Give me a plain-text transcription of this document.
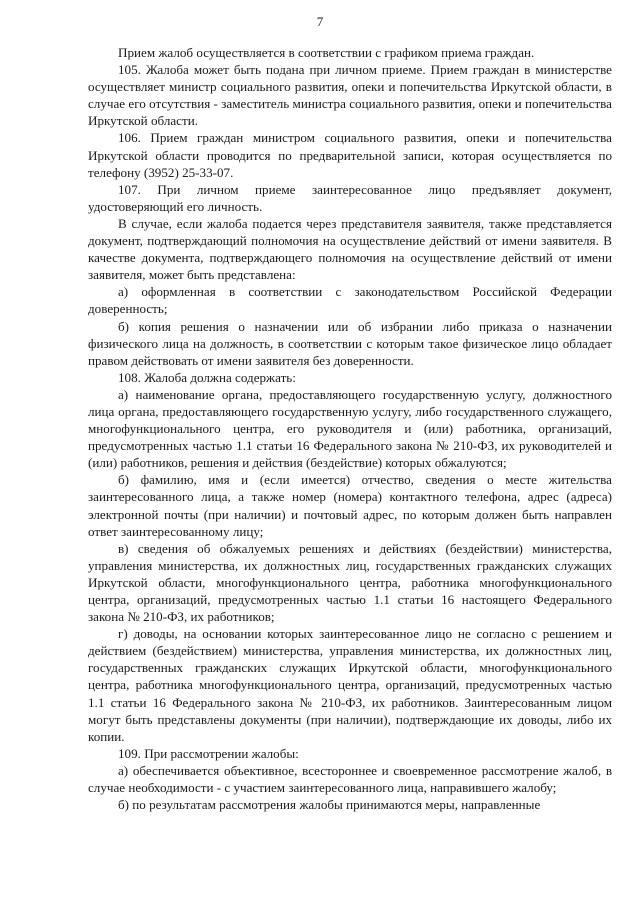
7

Прием жалоб осуществляется в соответствии с графиком приема граждан.

105. Жалоба может быть подана при личном приеме. Прием граждан в министерстве осуществляет министр социального развития, опеки и попечительства Иркутской области, в случае его отсутствия - заместитель министра социального развития, опеки и попечительства Иркутской области.

106. Прием граждан министром социального развития, опеки и попечительства Иркутской области проводится по предварительной записи, которая осуществляется по телефону (3952) 25-33-07.

107. При личном приеме заинтересованное лицо предъявляет документ, удостоверяющий его личность.

В случае, если жалоба подается через представителя заявителя, также представляется документ, подтверждающий полномочия на осуществление действий от имени заявителя. В качестве документа, подтверждающего полномочия на осуществление действий от имени заявителя, может быть представлена:

а) оформленная в соответствии с законодательством Российской Федерации доверенность;

б) копия решения о назначении или об избрании либо приказа о назначении физического лица на должность, в соответствии с которым такое физическое лицо обладает правом действовать от имени заявителя без доверенности.

108. Жалоба должна содержать:

а) наименование органа, предоставляющего государственную услугу, должностного лица органа, предоставляющего государственную услугу, либо государственного служащего, многофункционального центра, его руководителя и (или) работника, организаций, предусмотренных частью 1.1 статьи 16 Федерального закона № 210-ФЗ, их руководителей и (или) работников, решения и действия (бездействие) которых обжалуются;

б) фамилию, имя и (если имеется) отчество, сведения о месте жительства заинтересованного лица, а также номер (номера) контактного телефона, адрес (адреса) электронной почты (при наличии) и почтовый адрес, по которым должен быть направлен ответ заинтересованному лицу;

в) сведения об обжалуемых решениях и действиях (бездействии) министерства, управления министерства, их должностных лиц, государственных гражданских служащих Иркутской области, многофункционального центра, работника многофункционального центра, организаций, предусмотренных частью 1.1 статьи 16 настоящего Федерального закона № 210-ФЗ, их работников;

г) доводы, на основании которых заинтересованное лицо не согласно с решением и действием (бездействием) министерства, управления министерства, их должностных лиц, государственных гражданских служащих Иркутской области, многофункционального центра, работника многофункционального центра, организаций, предусмотренных частью 1.1 статьи 16 Федерального закона № 210-ФЗ, их работников. Заинтересованным лицом могут быть представлены документы (при наличии), подтверждающие их доводы, либо их копии.

109. При рассмотрении жалобы:

а) обеспечивается объективное, всестороннее и своевременное рассмотрение жалоб, в случае необходимости - с участием заинтересованного лица, направившего жалобу;

б) по результатам рассмотрения жалобы принимаются меры, направленные
